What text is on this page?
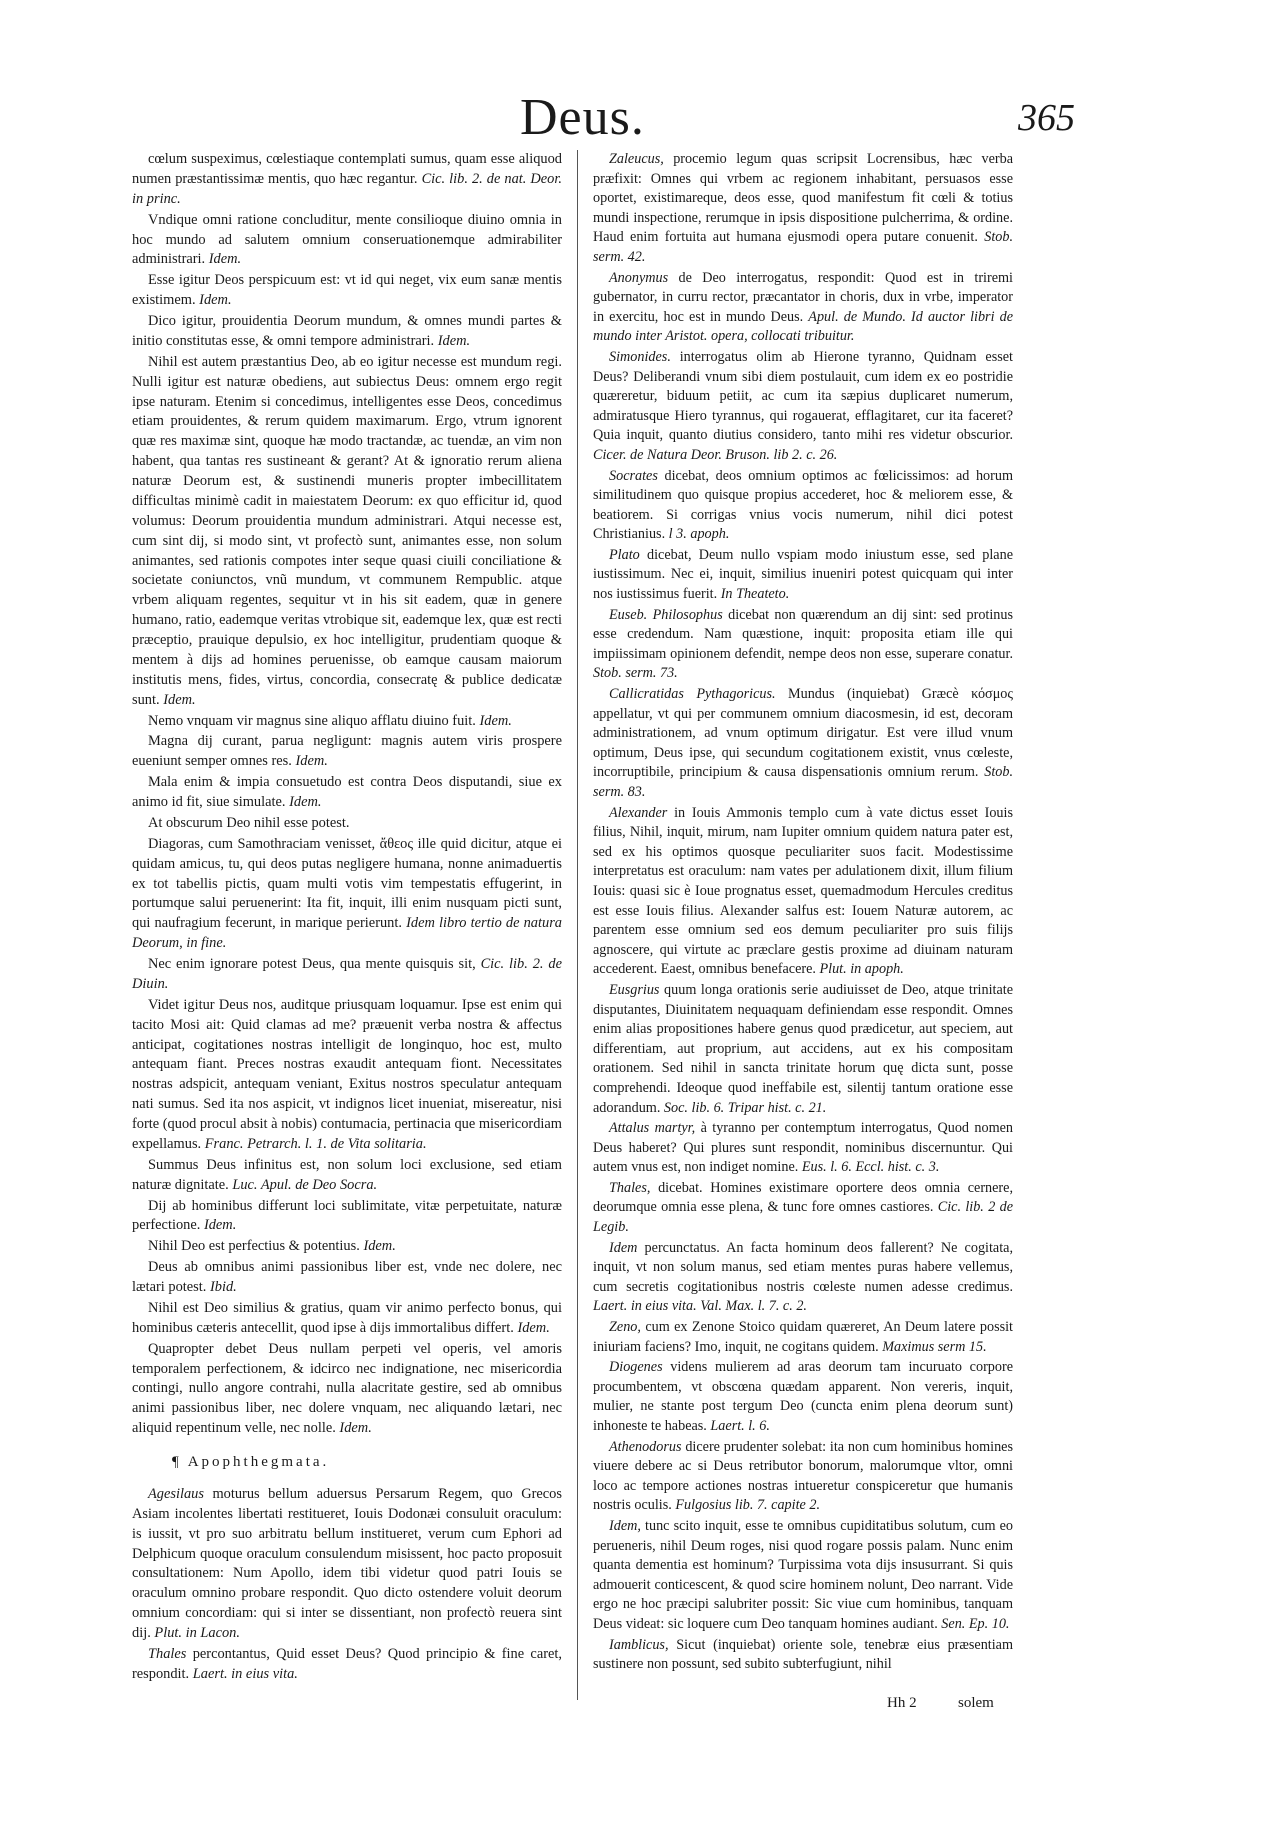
Deus.	365

cœlum suspeximus, cœlestiaque contemplati sumus, quam esse aliquod numen præstantissimæ mentis, quo hæc regantur. Cic. lib. 2. de nat. Deor. in princ.

Vndique omni ratione concluditur, mente consilioque diuino omnia in hoc mundo ad salutem omnium conseruationemque admirabiliter administrari. Idem.

Esse igitur Deos perspicuum est: vt id qui neget, vix eum sanæ mentis existimem. Idem.

Dico igitur, prouidentia Deorum mundum, & omnes mundi partes & initio constitutas esse, & omni tempore administrari. Idem.

Nihil est autem præstantius Deo, ab eo igitur necesse est mundum regi. Nulli igitur est naturæ obediens, aut subiectus Deus: omnem ergo regit ipse naturam. Etenim si concedimus, intelligentes esse Deos, concedimus etiam prouidentes, & rerum quidem maximarum. Ergo, vtrum ignorent quæ res maximæ sint, quoque hæ modo tractandæ, ac tuendæ, an vim non habent, qua tantas res sustineant & gerant? At & ignoratio rerum aliena naturæ Deorum est, & sustinendi muneris propter imbecillitatem difficultas minimè cadit in maiestatem Deorum: ex quo efficitur id, quod volumus: Deorum prouidentia mundum administrari. Atqui necesse est, cum sint dij, si modo sint, vt profectò sunt, animantes esse, non solum animantes, sed rationis compotes inter seque quasi ciuili conciliatione & societate coniunctos, vnũ mundum, vt communem Rempublic. atque vrbem aliquam regentes, sequitur vt in his sit eadem, quæ in genere humano, ratio, eademque veritas vtrobique sit, eademque lex, quæ est recti præceptio, prauique depulsio, ex hoc intelligitur, prudentiam quoque & mentem à dijs ad homines peruenisse, ob eamque causam maiorum institutis mens, fides, virtus, concordia, consecratę & publice dedicatæ sunt. Idem.

Nemo vnquam vir magnus sine aliquo afflatu diuino fuit. Idem.

Magna dij curant, parua negligunt: magnis autem viris prospere eueniunt semper omnes res. Idem.

Mala enim & impia consuetudo est contra Deos disputandi, siue ex animo id fit, siue simulate. Idem.

At obscurum Deo nihil esse potest.

Diagoras, cum Samothraciam venisset, ἄθεος ille quid dicitur, atque ei quidam amicus, tu, qui deos putas negligere humana, nonne animaduertis ex tot tabellis pictis, quam multi votis vim tempestatis effugerint, in portumque salui peruenerint: Ita fit, inquit, illi enim nusquam picti sunt, qui naufragium fecerunt, in marique perierunt. Idem libro tertio de natura Deorum, in fine.

Nec enim ignorare potest Deus, qua mente quisquis sit, Cic. lib. 2. de Diuin.

Videt igitur Deus nos, auditque priusquam loquamur. Ipse est enim qui tacito Mosi ait: Quid clamas ad me? præuenit verba nostra & affectus anticipat, cogitationes nostras intelligit de longinquo, hoc est, multo antequam fiant. Preces nostras exaudit antequam fiont. Necessitates nostras adspicit, antequam veniant, Exitus nostros speculatur antequam nati sumus. Sed ita nos aspicit, vt indignos licet inueniat, misereatur, nisi forte (quod procul absit à nobis) contumacia, pertinacia que misericordiam expellamus. Franc. Petrarch. l. 1. de Vita solitaria.

Summus Deus infinitus est, non solum loci exclusione, sed etiam naturæ dignitate. Luc. Apul. de Deo Socra.

Dij ab hominibus differunt loci sublimitate, vitæ perpetuitate, naturæ perfectione. Idem.

Nihil Deo est perfectius & potentius. Idem.

Deus ab omnibus animi passionibus liber est, vnde nec dolere, nec lætari potest. Ibid.

Nihil est Deo similius & gratius, quam vir animo perfecto bonus, qui hominibus cæteris antecellit, quod ipse à dijs immortalibus differt. Idem.

Quapropter debet Deus nullam perpeti vel operis, vel amoris temporalem perfectionem, & idcirco nec indignatione, nec misericordia contingi, nullo angore contrahi, nulla alacritate gestire, sed ab omnibus animi passionibus liber, nec dolere vnquam, nec aliquando lætari, nec aliquid repentinum velle, nec nolle. Idem.

¶ Apophthegmata.

Agesilaus moturus bellum aduersus Persarum Regem, quo Grecos Asiam incolentes libertati restitueret, Iouis Dodonæi consuluit oraculum: is iussit, vt pro suo arbitratu bellum institueret, verum cum Ephori ad Delphicum quoque oraculum consulendum misissent, hoc pacto proposuit consultationem: Num Apollo, idem tibi videtur quod patri Iouis se oraculum omnino probare respondit. Quo dicto ostendere voluit deorum omnium concordiam: qui si inter se dissentiant, non profectò reuera sint dij. Plut. in Lacon.

Thales percontantus, Quid esset Deus? Quod principio & fine caret, respondit. Laert. in eius vita.

Zaleucus, procemio legum quas scripsit Locrensibus, hæc verba præfixit: Omnes qui vrbem ac regionem inhabitant, persuasos esse oportet, existimareque, deos esse, quod manifestum fit cœli & totius mundi inspectione, rerumque in ipsis dispositione pulcherrima, & ordine. Haud enim fortuita aut humana ejusmodi opera putare conuenit. Stob. serm. 42.

Anonymus de Deo interrogatus, respondit: Quod est in triremi gubernator, in curru rector, præcantator in choris, dux in vrbe, imperator in exercitu, hoc est in mundo Deus. Apul. de Mundo. Id auctor libri de mundo inter Aristot. opera, collocati tribuitur.

Simonides. interrogatus olim ab Hierone tyranno, Quidnam esset Deus? Deliberandi vnum sibi diem postulauit, cum idem ex eo postridie quæreretur, biduum petiit, ac cum ita sæpius duplicaret numerum, admiratusque Hiero tyrannus, qui rogauerat, efflagitaret, cur ita faceret? Quia inquit, quanto diutius considero, tanto mihi res videtur obscurior. Cicer. de Natura Deor. Bruson. lib 2. c. 26.

Socrates dicebat, deos omnium optimos ac fœlicissimos: ad horum similitudinem quo quisque propius accederet, hoc & meliorem esse, & beatiorem. Si corrigas vnius vocis numerum, nihil dici potest Christianius. l 3. apoph.

Plato dicebat, Deum nullo vspiam modo iniustum esse, sed plane iustissimum. Nec ei, inquit, similius inueniri potest quicquam qui inter nos iustissimus fuerit. In Theateto.

Euseb. Philosophus dicebat non quærendum an dij sint: sed protinus esse credendum. Nam quæstione, inquit: proposita etiam ille qui impiissimam opinionem defendit, nempe deos non esse, superare conatur. Stob. serm. 73.

Callicratidas Pythagoricus. Mundus (inquiebat) Græcè κόσμος appellatur, vt qui per communem omnium diacosmesin, id est, decoram administrationem, ad vnum optimum dirigatur. Est vere illud vnum optimum, Deus ipse, qui secundum cogitationem existit, vnus cœleste, incorruptibile, principium & causa dispensationis omnium rerum. Stob. serm. 83.

Alexander in Iouis Ammonis templo cum à vate dictus esset Iouis filius, Nihil, inquit, mirum, nam Iupiter omnium quidem natura pater est, sed ex his optimos quosque peculiariter suos facit. Modestissime interpretatus est oraculum: nam vates per adulationem dixit, illum filium Iouis: quasi sic è Ioue prognatus esset, quemadmodum Hercules creditus est esse Iouis filius. Alexander salfus est: Iouem Naturæ autorem, ac parentem esse omnium sed eos demum peculiariter pro suis filijs agnoscere, qui virtute ac præclare gestis proxime ad diuinam naturam accederent. Eaest, omnibus benefacere. Plut. in apoph.

Eusgrius quum longa orationis serie audiuisset de Deo, atque trinitate disputantes, Diuinitatem nequaquam definiendam esse respondit. Omnes enim alias propositiones habere genus quod prædicetur, aut speciem, aut differentiam, aut proprium, aut accidens, aut ex his compositam orationem. Sed nihil in sancta trinitate horum quę dicta sunt, posse comprehendi. Ideoque quod ineffabile est, silentij tantum oratione esse adorandum. Soc. lib. 6. Tripar hist. c. 21.

Attalus martyr, à tyranno per contemptum interrogatus, Quod nomen Deus haberet? Qui plures sunt respondit, nominibus discernuntur. Qui autem vnus est, non indiget nomine. Eus. l. 6. Eccl. hist. c. 3.

Thales, dicebat. Homines existimare oportere deos omnia cernere, deorumque omnia esse plena, & tunc fore omnes castiores. Cic. lib. 2 de Legib.

Idem percunctatus. An facta hominum deos fallerent? Ne cogitata, inquit, vt non solum manus, sed etiam mentes puras habere vellemus, cum secretis cogitationibus nostris cœleste numen adesse credimus. Laert. in eius vita. Val. Max. l. 7. c. 2.

Zeno, cum ex Zenone Stoico quidam quæreret, An Deum latere possit iniuriam faciens? Imo, inquit, ne cogitans quidem. Maximus serm 15.

Diogenes videns mulierem ad aras deorum tam incuruato corpore procumbentem, vt obscœna quædam apparent. Non vereris, inquit, mulier, ne stante post tergum Deo (cuncta enim plena deorum sunt) inhoneste te habeas. Laert. l. 6.

Athenodorus dicere prudenter solebat: ita non cum hominibus homines viuere debere ac si Deus retributor bonorum, malorumque vltor, omni loco ac tempore actiones nostras intueretur conspiceretur que humanis nostris oculis. Fulgosius lib. 7. capite 2.

Idem, tunc scito inquit, esse te omnibus cupiditatibus solutum, cum eo perueneris, nihil Deum roges, nisi quod rogare possis palam. Nunc enim quanta dementia est hominum? Turpissima vota dijs insusurrant. Si quis admouerit conticescent, & quod scire hominem nolunt, Deo narrant. Vide ergo ne hoc præcipi salubriter possit: Sic viue cum hominibus, tanquam Deus videat: sic loquere cum Deo tanquam homines audiant. Sen. Ep. 10.

Iamblicus, Sicut (inquiebat) oriente sole, tenebræ eius præsentiam sustinere non possunt, sed subito subterfugiunt, nihil

Hh 2	solem
